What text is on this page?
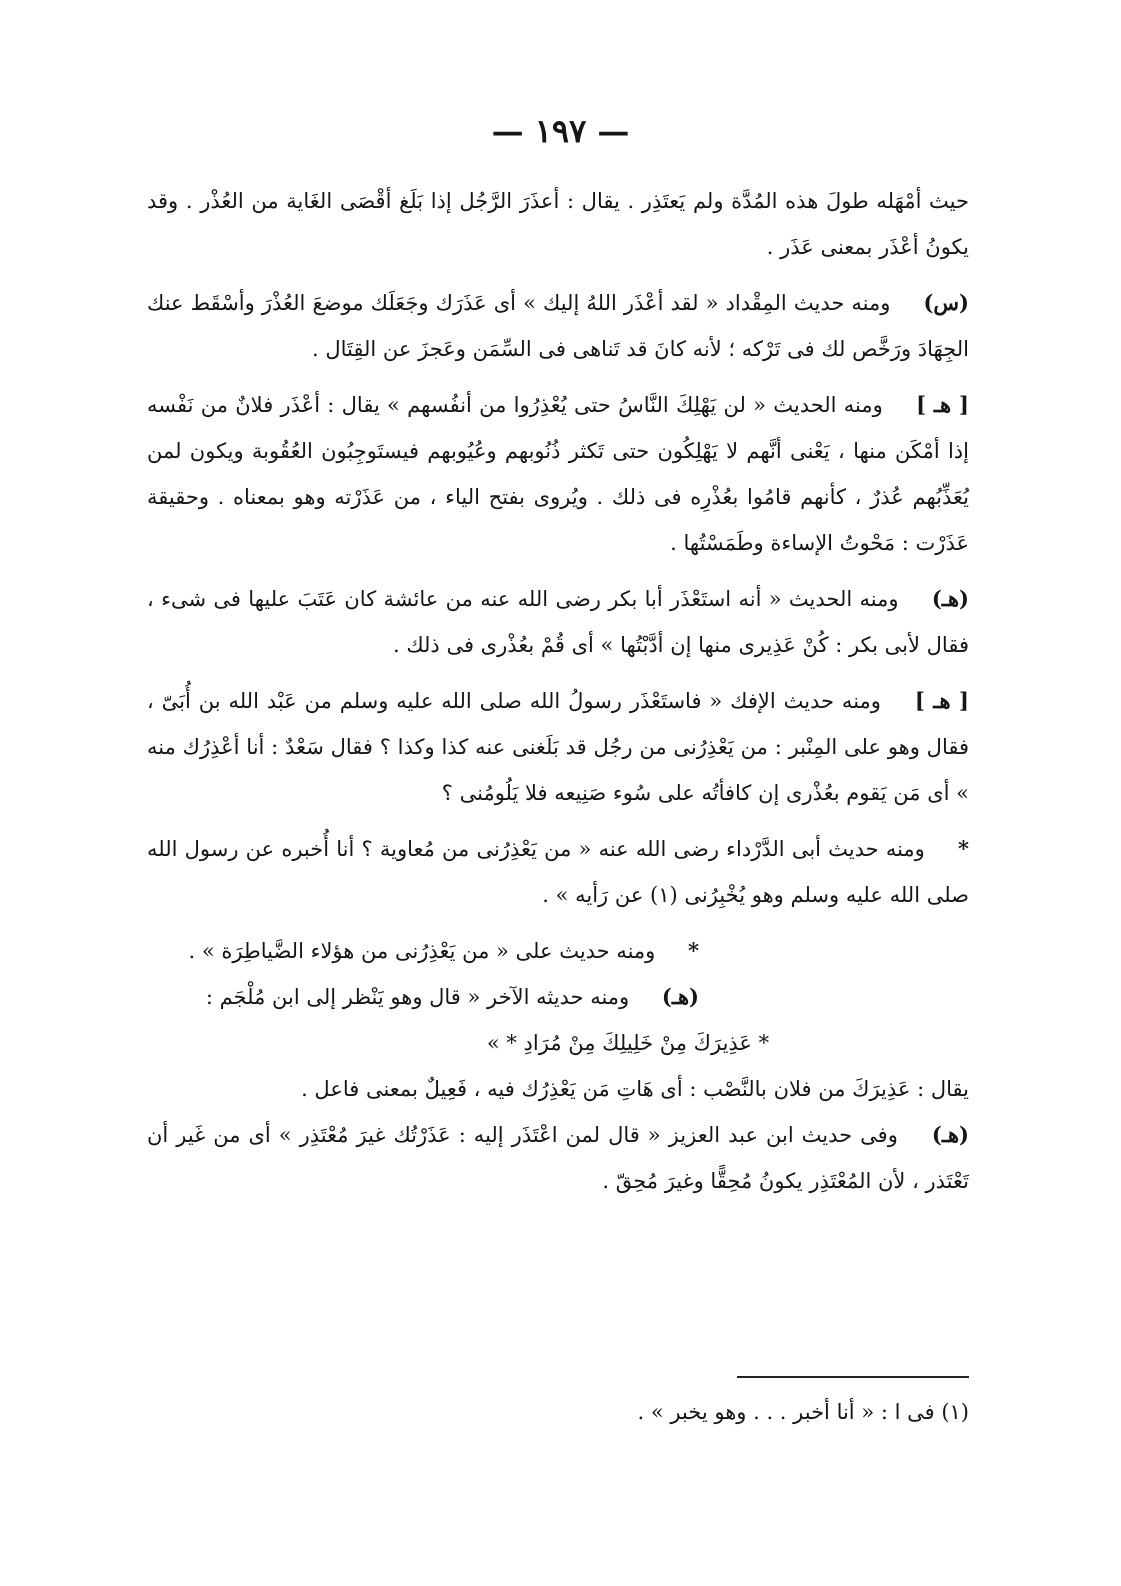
— ١٩٧ —

حيث أمْهَله طولَ هذه المُدَّة ولم يَعتَذِر . يقال : أعذَرَ الرَّجُل إذا بَلَغ أقْصَى الغَاية من العُذْر . وقد يكونُ أعْذَر بمعنى عَذَر .

(س) ومنه حديث المِقْداد « لقد أعْذَر اللهُ إليك » أى عَذَرَك وجَعَلَك موضعَ العُذْرَ وأسْقَط عنك الجِهَادَ ورَخَّص لك فى تَرْكه ؛ لأنه كانَ قد تَناهى فى السِّمَن وعَجزَ عن القِتَال .

[ هـ ] ومنه الحديث « لن يَهْلِكَ النَّاسُ حتى يُعْذِرُوا من أنفُسهم » يقال : أعْذَر فلانٌ من نَفْسه إذا أمْكَن منها ، يَعْنى أنَّهم لا يَهْلِكُون حتى تَكثر ذُنُوبهم وعُيُوبهم فيستَوجِبُون العُقُوبة ويكون لمن يُعَذِّبُهم عُذرٌ ، كأنهم قامُوا بعُذْرِه فى ذلك . ويُروى بفتح الياء ، من عَذَرْته وهو بمعناه . وحقيقة عَذَرْت : مَحْوتُ الإساءة وطَمَسْتُها .

(هـ) ومنه الحديث « أنه استَعْذَر أبا بكر رضى الله عنه من عائشة كان عَتَبَ عليها فى شىء ، فقال لأبى بكر : كُنْ عَذِيرى منها إن أدَّبْتُها » أى قُمْ بعُذْرى فى ذلك .

[ هـ ] ومنه حديث الإفك « فاستَعْذَر رسولُ الله صلى الله عليه وسلم من عَبْد الله بن أُبَىّ ، فقال وهو على المِنْبر : من يَعْذِرُنى من رجُل قد بَلَغنى عنه كذا وكذا ؟ فقال سَعْدٌ : أنا أعْذِرُك منه » أى مَن يَقوم بعُذْرى إن كافأتُه على سُوء صَنِيعه فلا يَلُومُنى ؟

* ومنه حديث أبى الدَّرْداء رضى الله عنه « من يَعْذِرُنى من مُعاوية ؟ أنا أُخبره عن رسول الله صلى الله عليه وسلم وهو يُخْبِرُنى (١) عن رَأيه » .

* ومنه حديث على « من يَعْذِرُنى من هؤلاء الضَّياطِرَة » .

(هـ) ومنه حديثه الآخر « قال وهو يَنْظر إلى ابن مُلْجَم :

* عَذِيرَكَ مِنْ خَلِيلِكَ مِنْ مُرَادِ * »

يقال : عَذِيرَكَ من فلان بالنَّصْب : أى هَاتِ مَن يَعْذِرُك فيه ، فَعِيلٌ بمعنى فاعل .

(هـ) وفى حديث ابن عبد العزيز « قال لمن اعْتَذَر إليه : عَذَرْتُك غيرَ مُعْتَذِر » أى من غَير أن تَعْتَذر ، لأن المُعْتَذِر يكونُ مُحِقًّا وغيرَ مُحِقّ .

(١) فى ا : « أنا أخبر . . . وهو يخبر » .
